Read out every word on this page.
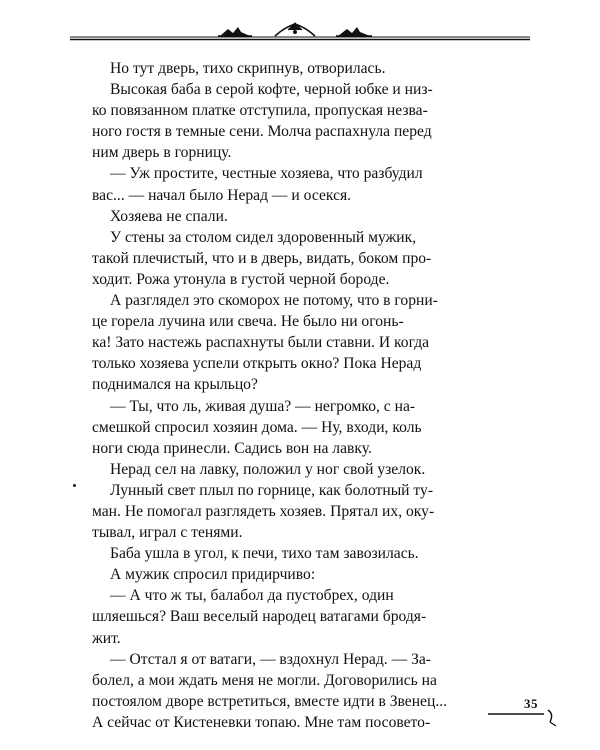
Но тут дверь, тихо скрипнув, отворилась.

Высокая баба в серой кофте, черной юбке и низ-
ко повязанном платке отступила, пропуская незва-
ного гостя в темные сени. Молча распахнула перед
ним дверь в горницу.

— Уж простите, честные хозяева, что разбудил
вас... — начал было Нерад — и осекся.

Хозяева не спали.

У стены за столом сидел здоровенный мужик,
такой плечистый, что и в дверь, видать, боком про-
ходит. Рожа утонула в густой черной бороде.

А разглядел это скоморох не потому, что в горни-
це горела лучина или свеча. Не было ни огонь-
ка! Зато настежь распахнуты были ставни. И когда
только хозяева успели открыть окно? Пока Нерад
поднимался на крыльцо?

— Ты, что ль, живая душа? — негромко, с на-
смешкой спросил хозяин дома. — Ну, входи, коль
ноги сюда принесли. Садись вон на лавку.

Нерад сел на лавку, положил у ног свой узелок.

Лунный свет плыл по горнице, как болотный ту-
ман. Не помогал разглядеть хозяев. Прятал их, оку-
тывал, играл с тенями.

Баба ушла в угол, к печи, тихо там завозилась.

А мужик спросил придирчиво:

— А что ж ты, балабол да пустобрех, один
шляешься? Ваш веселый народец ватагами бродя-
жит.

— Отстал я от ватаги, — вздохнул Нерад. — За-
болел, а мои ждать меня не могли. Договорились на
постоялом дворе встретиться, вместе идти в Звенец...
А сейчас от Кистеневки топаю. Мне там посовето-

35
